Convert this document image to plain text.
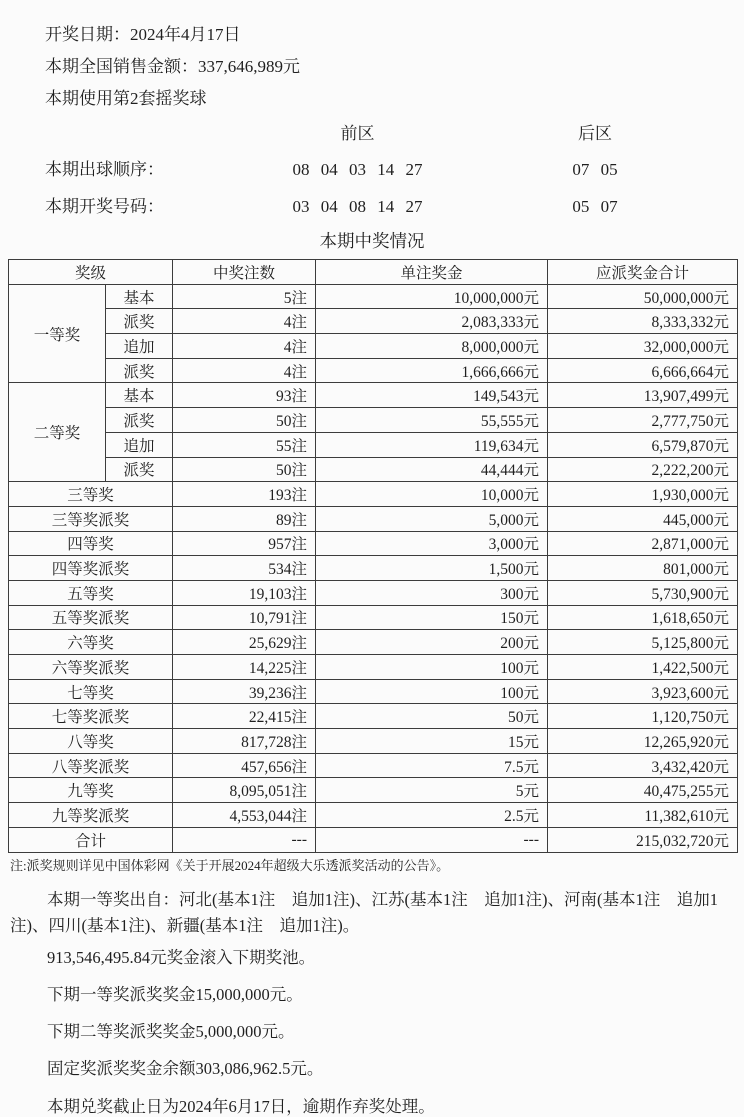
开奖日期：2024年4月17日

本期全国销售金额：337,646,989元

本期使用第2套摇奖球

前区	后区
本期出球顺序：	08 04 03 14 27	07 05
本期开奖号码：	03 04 08 14 27	05 07
本期中奖情况
奖级		中奖注数	单注奖金	应派奖金合计
一等奖	基本	5注	10,000,000元	50,000,000元
	派奖	4注	2,083,333元	8,333,332元
	追加	4注	8,000,000元	32,000,000元
	派奖	4注	1,666,666元	6,666,664元
二等奖	基本	93注	149,543元	13,907,499元
	派奖	50注	55,555元	2,777,750元
	追加	55注	119,634元	6,579,870元
	派奖	50注	44,444元	2,222,200元
三等奖		193注	10,000元	1,930,000元
三等奖派奖		89注	5,000元	445,000元
四等奖		957注	3,000元	2,871,000元
四等奖派奖		534注	1,500元	801,000元
五等奖		19,103注	300元	5,730,900元
五等奖派奖		10,791注	150元	1,618,650元
六等奖		25,629注	200元	5,125,800元
六等奖派奖		14,225注	100元	1,422,500元
七等奖		39,236注	100元	3,923,600元
七等奖派奖		22,415注	50元	1,120,750元
八等奖		817,728注	15元	12,265,920元
八等奖派奖		457,656注	7.5元	3,432,420元
九等奖		8,095,051注	5元	40,475,255元
九等奖派奖		4,553,044注	2.5元	11,382,610元
合计		---	---	215,032,720元

注:派奖规则详见中国体彩网《关于开展2024年超级大乐透派奖活动的公告》。

本期一等奖出自：河北(基本1注　追加1注)、江苏(基本1注　追加1注)、河南(基本1注　追加1注)、四川(基本1注)、新疆(基本1注　追加1注)。

913,546,495.84元奖金滚入下期奖池。

下期一等奖派奖奖金15,000,000元。

下期二等奖派奖奖金5,000,000元。

固定奖派奖奖金余额303,086,962.5元。

本期兑奖截止日为2024年6月17日，逾期作弃奖处理。
